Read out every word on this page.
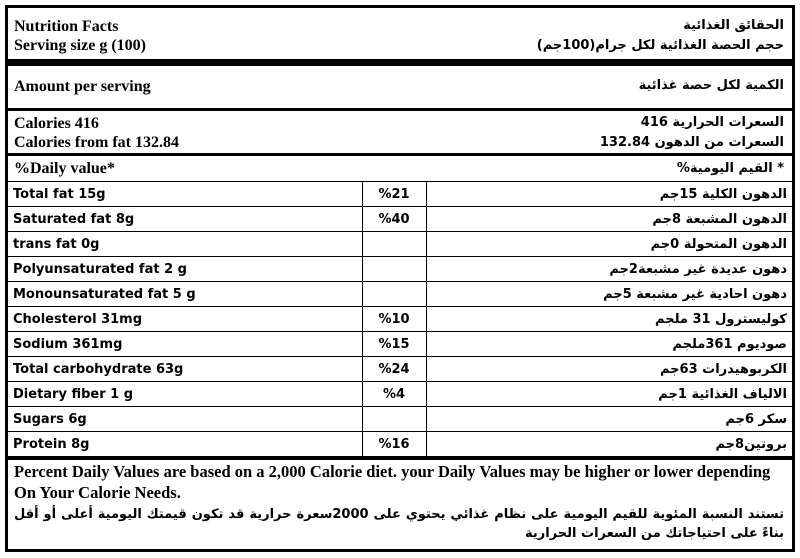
Nutrition Facts	الحقائق الغذائية
Serving size g (100)	حجم الحصة الغذائية لكل جرام(100جم)
Amount per serving	الكمية لكل حصة غذائية
Calories 416	السعرات الحرارية 416
Calories from fat 132.84	السعرات من الدهون 132.84
%Daily value*	* القيم اليومية%
Total fat 15g	%21	الدهون الكلية 15جم
Saturated fat 8g	%40	الدهون المشبعة 8جم
trans fat 0g		الدهون المتحولة 0جم
Polyunsaturated fat 2 g		دهون عديدة غير مشبعة2جم
Monounsaturated fat 5 g		دهون احادية غير مشبعة 5جم
Cholesterol 31mg	%10	كوليسترول 31 ملجم
Sodium 361mg	%15	صوديوم 361ملجم
Total carbohydrate 63g	%24	الكربوهيدرات 63جم
Dietary fiber 1 g	%4	الالياف الغذائية 1جم
Sugars 6g		سكر 6جم
Protein 8g	%16	بروتين8جم
Percent Daily Values are based on a 2,000 Calorie diet. your Daily Values may be higher or lower depending On Your Calorie Needs.
تستند النسبة المئوية للقيم اليومية على نظام غذائي يحتوي على 2000سعرة حرارية قد تكون قيمتك اليومية أعلى أو أقل بناءً على احتياجاتك من السعرات الحرارية
